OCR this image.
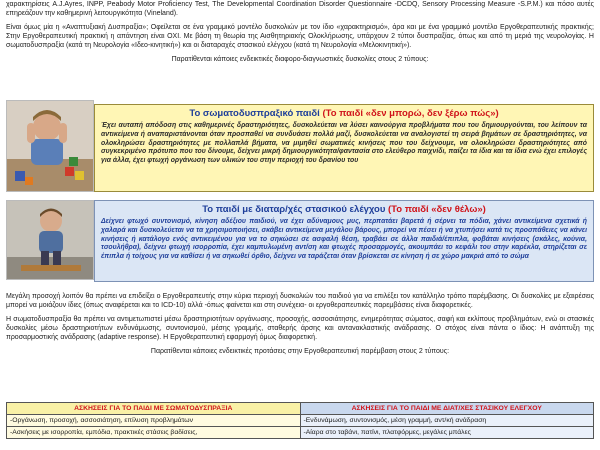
χαρακτηρίσεις A.J.Ayres, INPP, Peabody Motor Proficiency Test, The Developmental Coordination Disorder Questionnaire -DCDQ, Sensory Processing Measure -S.P.M.) και πόσο αυτές επηρεάζουν την καθημερινή λειτουργικότητα (Vineland).

Είναι όμως μία η «Αναπτυξιακή Δυσπραξία»; Οφείλεται σε ένα γραμμικό μοντέλο δυσκολιών με τον ίδιο «χαρακτηρισμό», άρα και με ένα γραμμικό μοντέλο Εργοθεραπευτικής πρακτικής; Στην Εργοθεραπευτική πρακτική η απάντηση είναι ΟΧΙ. Με βάση τη θεωρία της Αισθητηριακής Ολοκλήρωσης, υπάρχουν 2 τύποι δυσπραξίας, όπως και από τη μεριά της νευρολογίας. Η σωματοδυσπραξία (κατά τη Νευρολογία «Ιδεο-κινητική») και οι διαταραχές στασικού ελέγχου (κατά τη Νευρολογία «Μελοκινητική»).

Παρατίθενται κάποιες ενδεικτικές διαφορο-διαγνωστικές δυσκολίες στους 2 τύπους:

Το σωματοδυσπραξικό παιδί (Το παιδί «δεν μπορώ, δεν ξέρω πώς»)

Έχει αυταπή απόδοση στις καθημερινές δραστηριότητες, δυσκολεύεται να λύσει καινούργια προβλήματα που του δημιουργούνται, του λείπουν τα αντικείμενα ή αναπαριστάνονται όταν προσπαθεί να συνδυάσει πολλά μαζί, δυσκολεύεται να αναλογιστεί τη σειρά βημάτων σε δραστηριότητες, να ολοκληρώσει δραστηριότητες με πολλαπλά βήματα, να μιμηθεί σωματικές κινήσεις που του δείχνουμε, να ολοκληρώσει δραστηριότητες από συγκεκριμένο πρότυπο που του δίνουμε, δείχνει μικρή δημιουργικότητα/φαντασία στο ελεύθερο παιχνίδι, παίζει τα ίδια και τα ίδια ενώ έχει επιλογές για άλλα, έχει φτωχή οργάνωση των υλικών του στην περιοχή του δρανίου του

Το παιδί με διαταρ/χές στασικού ελέγχου (Το παιδί «δεν θέλω»)

Δείχνει φτωχό συντονισμό, κίνηση αδέξιου παιδιού, να έχει αδύναμους μυς, περπατάει βαρετά ή σέρνει τα πόδια, χάνει αντικείμενα σχετικά ή χαλαρά και δυσκολεύεται να τα χρησιμοποιήσει, σκάβει αντικείμενα μεγάλου βάρους, μπορεί να πέσει ή να χτυπήσει κατά τις προσπάθειες να κάνει κινήσεις ή κατάλογο ενός αντικειμένου για να το σηκώσει σε ασφαλή θέση, τραβάει σε άλλα παιδιά/έπιπλα, φοβάται κινήσεις (σκάλες, κούνια, τσουλήθρα), δείχνει φτωχή ισορροπία, έχει καμπυλωμένη αντ/ση και φτωχές προσαρμογές, ακουμπάει το κεφάλι του στην καρέκλα, στηρίζεται σε έπιπλα ή τοίχους για να καθίσει ή να σηκωθεί όρθιο, δείχνει να ταράζεται όταν βρίσκεται σε κίνηση ή σε χώρο μακριά από το σώμα

Μεγάλη προσοχή λοιπόν θα πρέπει να επιδείξει ο Εργοθεραπευτής στην κύρια περιοχή δυσκολιών του παιδιού για να επιλέξει τον κατάλληλο τρόπο παρέμβασης. Οι δυσκολίες με εξαιρέσεις μπορεί να μοιάζουν ίδιες (όπως αναφέρεται και το ICD-10) αλλά -όπως φαίνεται και στη συνέχεια- οι εργοθεραπευτικές παρεμβάσεις είναι διαφορετικές.

Η σωματοδυσπραξία θα πρέπει να αντιμετωπιστεί μέσω δραστηριοτήτων οργάνωσης, προσοχής, ασσοσιάτησης, ενημερότητας σώματος, σαφή και εκλίπους προβλημάτων, ενώ οι στασικές δυσκολίες μέσω δραστηριοτήτων ενδυνάμωσης, συντονισμού, μέσης γραμμής, σταθερής άρσης και αντανακλαστικής ανάδρασης. Ο στόχος είναι πάντα ο ίδιος: Η ανάπτυξη της προσαρμοστικής ανάδρασης (adaptive response). Η Εργοθεραπευτική εφαρμογή όμως διαφορετική.

Παρατίθενται κάποιες ενδεικτικές προτάσεις στην Εργοθεραπευτική παρέμβαση στους 2 τύπους:

ΑΣΚΗΣΕΙΣ ΓΙΑ ΤΟ ΠΑΙΔΙ ΜΕ ΣΩΜΑΤΟΔΥΣΠΡΑΞΙΑ	ΑΣΚΗΣΕΙΣ ΓΙΑ ΤΟ ΠΑΙΔΙ ΜΕ ΔΙΑΤ/ΧΕΣ ΣΤΑΣΙΚΟΥ ΕΛΕΓΧΟΥ
-Οργάνωση, προσοχή, ασσοσιάτηση, επίλυση προβλημάτων	-Ενδυνάμωση, συντονισμός, μέση γραμμή, αντ/κή ανάδραση
-Ασκήσεις με ισορροπία, εμπόδια, πρακτικές στάσεις βαδίσεις,	-Αίαρα στο ταβάνι, πατίνι, πλατφόρμες, μεγάλες μπάλες
